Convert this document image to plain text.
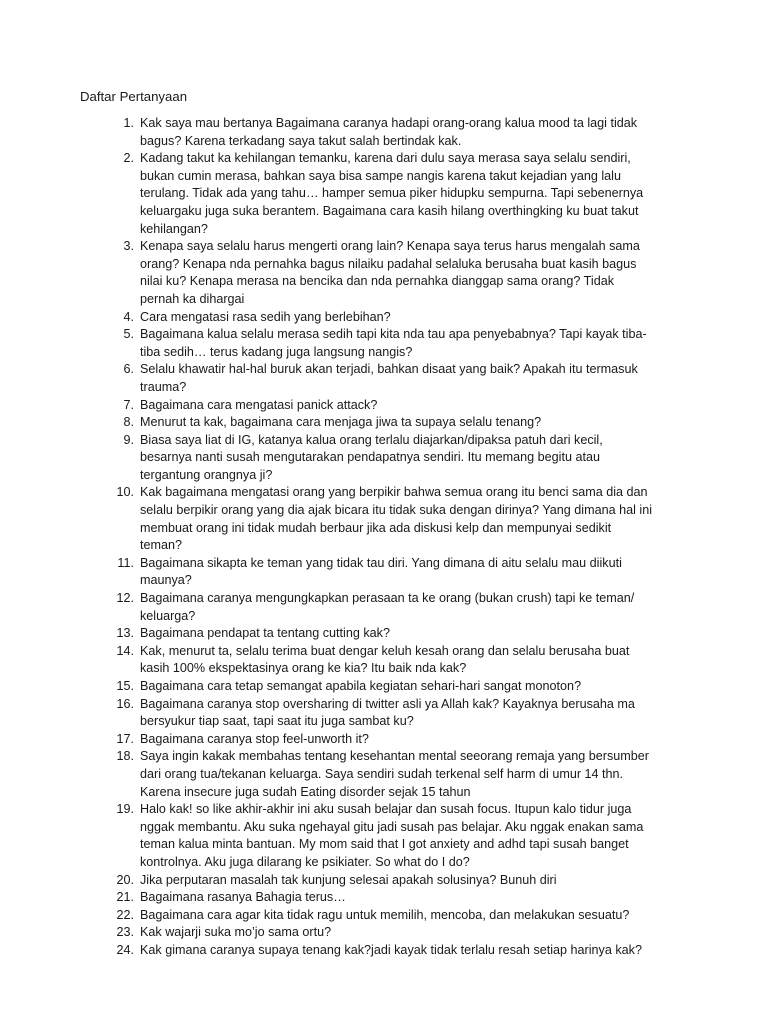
Daftar Pertanyaan
1. Kak saya mau bertanya Bagaimana caranya hadapi orang-orang kalua mood ta lagi tidak bagus? Karena terkadang saya takut salah bertindak kak.
2. Kadang takut ka kehilangan temanku, karena dari dulu saya merasa saya selalu sendiri, bukan cumin merasa, bahkan saya bisa sampe nangis karena takut kejadian yang lalu terulang. Tidak ada yang tahu… hamper semua piker hidupku sempurna. Tapi sebenernya keluargaku juga suka berantem. Bagaimana cara kasih hilang overthingking ku buat takut kehilangan?
3. Kenapa saya selalu harus mengerti orang lain? Kenapa saya terus harus mengalah sama orang? Kenapa nda pernahka bagus nilaiku padahal selaluka berusaha buat kasih bagus nilai ku? Kenapa merasa na bencika dan nda pernahka dianggap sama orang? Tidak pernah ka dihargai
4. Cara mengatasi rasa sedih yang berlebihan?
5. Bagaimana kalua selalu merasa sedih tapi kita nda tau apa penyebabnya? Tapi kayak tiba-tiba sedih… terus kadang juga langsung nangis?
6. Selalu khawatir hal-hal buruk akan terjadi, bahkan disaat yang baik? Apakah itu termasuk trauma?
7. Bagaimana cara mengatasi panick attack?
8. Menurut ta kak, bagaimana cara menjaga jiwa ta supaya selalu tenang?
9. Biasa saya liat di IG, katanya kalua orang terlalu diajarkan/dipaksa patuh dari kecil, besarnya nanti susah mengutarakan pendapatnya sendiri. Itu memang begitu atau tergantung orangnya ji?
10. Kak bagaimana mengatasi orang yang berpikir bahwa semua orang itu benci sama dia dan selalu berpikir orang yang dia ajak bicara itu tidak suka dengan dirinya? Yang dimana hal ini membuat orang ini tidak mudah berbaur jika ada diskusi kelp dan mempunyai sedikit teman?
11. Bagaimana sikapta ke teman yang tidak tau diri. Yang dimana di aitu selalu mau diikuti maunya?
12. Bagaimana caranya mengungkapkan perasaan ta ke orang (bukan crush) tapi ke teman/ keluarga?
13. Bagaimana pendapat ta tentang cutting kak?
14. Kak, menurut ta, selalu terima buat dengar keluh kesah orang dan selalu berusaha buat kasih 100% ekspektasinya orang ke kia? Itu baik nda kak?
15. Bagaimana cara tetap semangat apabila kegiatan sehari-hari sangat monoton?
16. Bagaimana caranya stop oversharing di twitter asli ya Allah kak? Kayaknya berusaha ma bersyukur tiap saat, tapi saat itu juga sambat ku?
17. Bagaimana caranya stop feel-unworth it?
18. Saya ingin kakak membahas tentang kesehantan mental seeorang remaja yang bersumber dari orang tua/tekanan keluarga. Saya sendiri sudah terkenal self harm di umur 14 thn. Karena insecure juga sudah Eating disorder sejak 15 tahun
19. Halo kak! so like akhir-akhir ini aku susah belajar dan susah focus. Itupun kalo tidur juga nggak membantu. Aku suka ngehayal gitu jadi susah pas belajar. Aku nggak enakan sama teman kalua minta bantuan. My mom said that I got anxiety and adhd tapi susah banget kontrolnya. Aku juga dilarang ke psikiater. So what do I do?
20. Jika perputaran masalah tak kunjung selesai apakah solusinya? Bunuh diri
21. Bagaimana rasanya Bahagia terus…
22. Bagaimana cara agar kita tidak ragu untuk memilih, mencoba, dan melakukan sesuatu?
23. Kak wajarji suka mo’jo sama ortu?
24. Kak gimana caranya supaya tenang kak?jadi kayak tidak terlalu resah setiap harinya kak?
